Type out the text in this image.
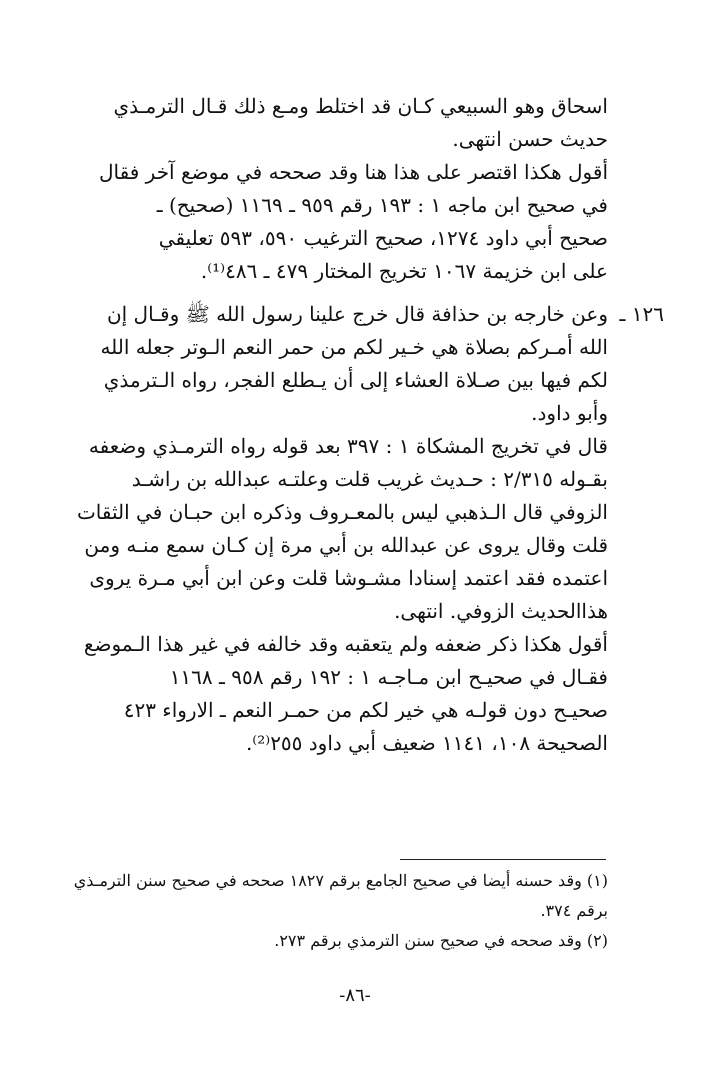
اسحاق وهو السبيعي كـان قد اختلط ومـع ذلك قـال الترمـذي
حديث حسن انتهى.

أقول هكذا اقتصر على هذا هنا وقد صححه في موضع آخر فقال
في صحيح ابن ماجه ١ : ١٩٣ رقم ٩٥٩ ـ ١١٦٩ (صحيح) ـ
صحيح أبي داود ١٢٧٤، صحيح الترغيب ٥٩٠، ٥٩٣ تعليقي
على ابن خزيمة ١٠٦٧ تخريج المختار ٤٧٩ ـ ٤٨٦⁽¹⁾.

١٢٦ ـ

وعن خارجه بن حذافة قال خرج علينا رسول الله ﷺ وقـال إن
الله أمـركم بصلاة هي خـير لكم من حمر النعم الـوتر جعله الله
لكم فيها بين صـلاة العشاء إلى أن يـطلع الفجر، رواه الـترمذي
وأبو داود.

قال في تخريج المشكاة ١ : ٣٩٧ بعد قوله رواه الترمـذي وضعفه
بقـوله ٢/٣١٥ : حـديث غريب قلت وعلتـه عبدالله بن راشـد
الزوفي قال الـذهبي ليس بالمعـروف وذكره ابن حبـان في الثقات
قلت وقال يروى عن عبدالله بن أبي مرة إن كـان سمع منـه ومن
اعتمده فقد اعتمد إسنادا مشـوشا قلت وعن ابن أبي مـرة يروى
هذاالحديث الزوفي. انتهى.

أقول هكذا ذكر ضعفه ولم يتعقبه وقد خالفه في غير هذا الـموضع
فقـال في صحيـح ابن مـاجـه ١ : ١٩٢ رقم ٩٥٨ ـ ١١٦٨
صحيـح دون قولـه هي خير لكم من حمـر النعم ـ الارواء ٤٢٣
الصحيحة ١٠٨، ١١٤١ ضعيف أبي داود ٢٥٥⁽²⁾.

(١) وقد حسنه أيضا في صحيح الجامع برقم ١٨٢٧ صححه في صحيح سنن الترمـذي
برقم ٣٧٤.

(٢) وقد صححه في صحيح سنن الترمذي برقم ٢٧٣.

-٨٦-
